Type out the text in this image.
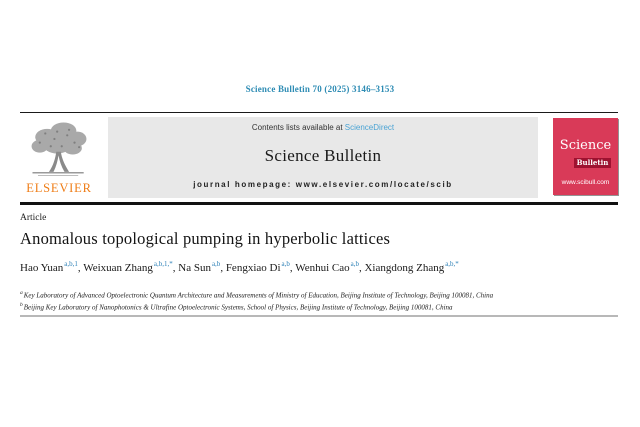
Science Bulletin 70 (2025) 3146–3153
ELSEVIER
Contents lists available at ScienceDirect
Science Bulletin
journal homepage: www.elsevier.com/locate/scib
Science
Bulletin
www.scibull.com
Article
Anomalous topological pumping in hyperbolic lattices
Hao Yuan$^{a,b,1}$, Weixuan Zhang$^{a,b,1,*}$, Na Sun$^{a,b}$, Fengxiao Di$^{a,b}$, Wenhui Cao$^{a,b}$, Xiangdong Zhang$^{a,b,*}$
$^a$Key Laboratory of Advanced Optoelectronic Quantum Architecture and Measurements of Ministry of Education, Beijing Institute of Technology, Beijing 100081, China
$^b$Beijing Key Laboratory of Nanophotonics & Ultrafine Optoelectronic Systems, School of Physics, Beijing Institute of Technology, Beijing 100081, China
